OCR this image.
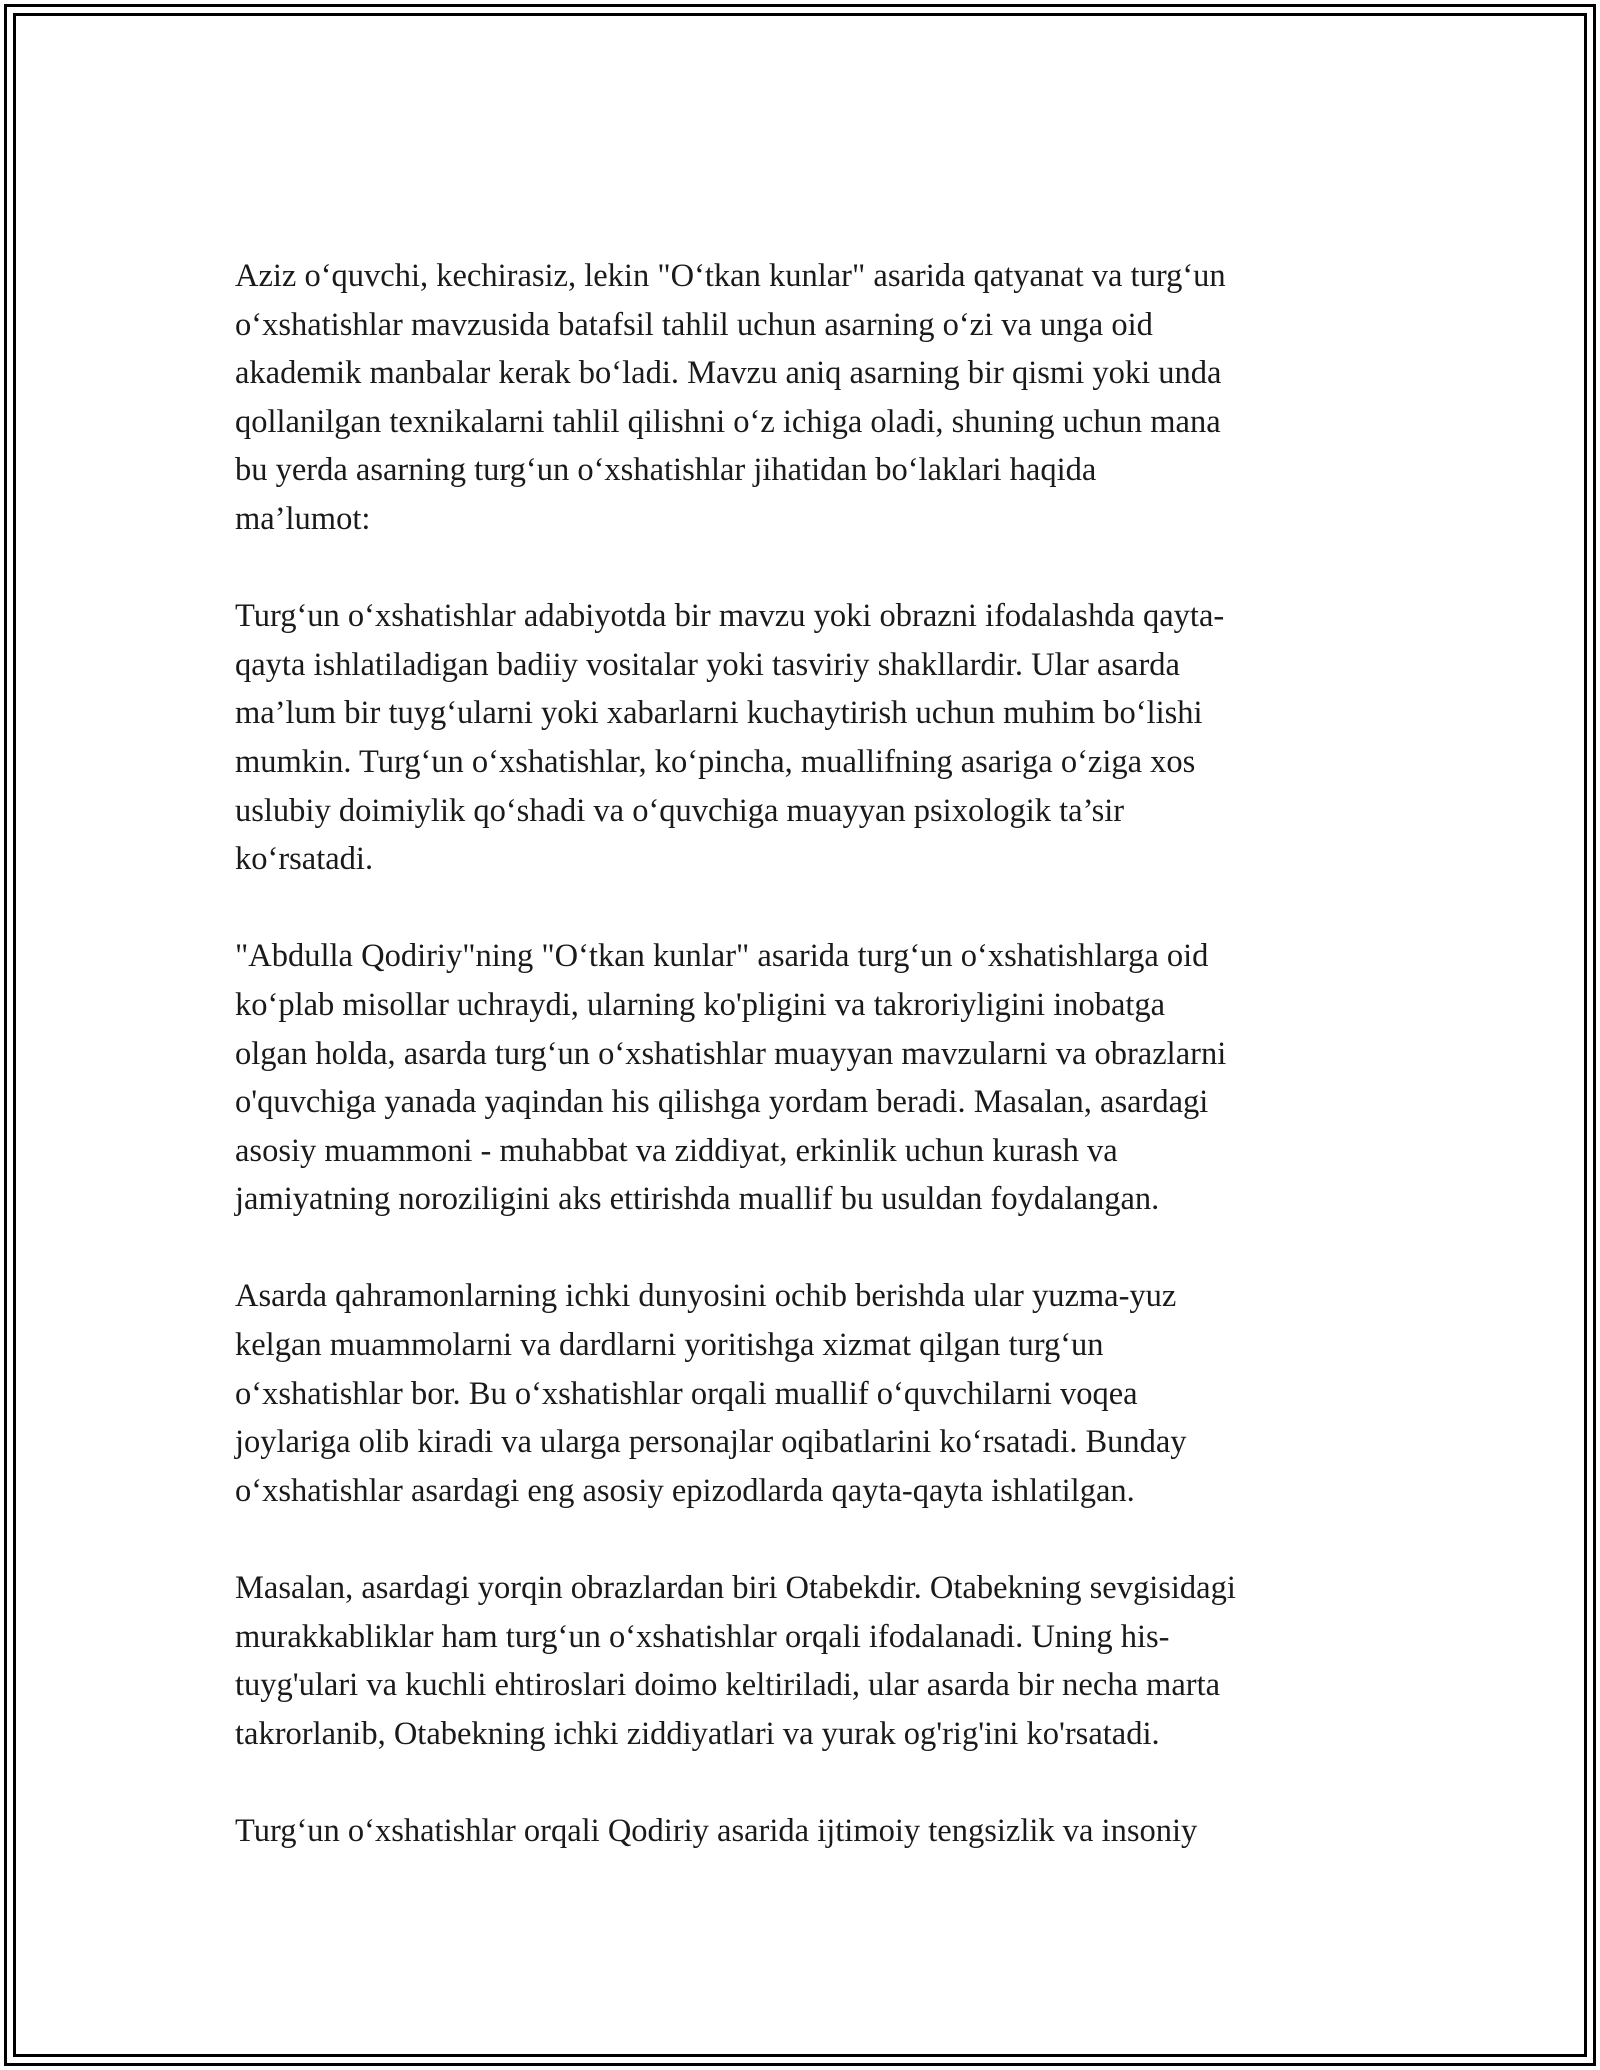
Aziz o‘quvchi, kechirasiz, lekin "O‘tkan kunlar" asarida qatyanat va turg‘un
o‘xshatishlar mavzusida batafsil tahlil uchun asarning o‘zi va unga oid
akademik manbalar kerak bo‘ladi. Mavzu aniq asarning bir qismi yoki unda
qollanilgan texnikalarni tahlil qilishni o‘z ichiga oladi, shuning uchun mana
bu yerda asarning turg‘un o‘xshatishlar jihatidan bo‘laklari haqida
ma’lumot:

Turg‘un o‘xshatishlar adabiyotda bir mavzu yoki obrazni ifodalashda qayta-
qayta ishlatiladigan badiiy vositalar yoki tasviriy shakllardir. Ular asarda
ma’lum bir tuyg‘ularni yoki xabarlarni kuchaytirish uchun muhim bo‘lishi
mumkin. Turg‘un o‘xshatishlar, ko‘pincha, muallifning asariga o‘ziga xos
uslubiy doimiylik qo‘shadi va o‘quvchiga muayyan psixologik ta’sir
ko‘rsatadi.

"Abdulla Qodiriy"ning "O‘tkan kunlar" asarida turg‘un o‘xshatishlarga oid
ko‘plab misollar uchraydi, ularning ko'pligini va takroriyligini inobatga
olgan holda, asarda turg‘un o‘xshatishlar muayyan mavzularni va obrazlarni
o'quvchiga yanada yaqindan his qilishga yordam beradi. Masalan, asardagi
asosiy muammoni - muhabbat va ziddiyat, erkinlik uchun kurash va
jamiyatning noroziligini aks ettirishda muallif bu usuldan foydalangan.

Asarda qahramonlarning ichki dunyosini ochib berishda ular yuzma-yuz
kelgan muammolarni va dardlarni yoritishga xizmat qilgan turg‘un
o‘xshatishlar bor. Bu o‘xshatishlar orqali muallif o‘quvchilarni voqea
joylariga olib kiradi va ularga personajlar oqibatlarini ko‘rsatadi. Bunday
o‘xshatishlar asardagi eng asosiy epizodlarda qayta-qayta ishlatilgan.

Masalan, asardagi yorqin obrazlardan biri Otabekdir. Otabekning sevgisidagi
murakkabliklar ham turg‘un o‘xshatishlar orqali ifodalanadi. Uning his-
tuyg'ulari va kuchli ehtiroslari doimo keltiriladi, ular asarda bir necha marta
takrorlanib, Otabekning ichki ziddiyatlari va yurak og'rig'ini ko'rsatadi.

Turg‘un o‘xshatishlar orqali Qodiriy asarida ijtimoiy tengsizlik va insoniy
